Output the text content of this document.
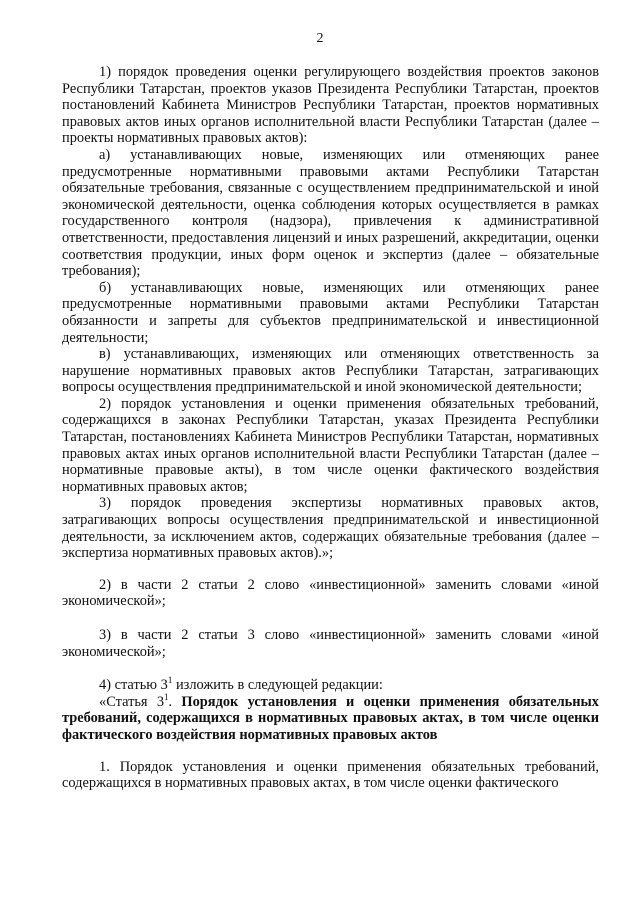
2

1) порядок проведения оценки регулирующего воздействия проектов законов Республики Татарстан, проектов указов Президента Республики Татарстан, проектов постановлений Кабинета Министров Республики Татарстан, проектов нормативных правовых актов иных органов исполнительной власти Республики Татарстан (далее – проекты нормативных правовых актов):

а) устанавливающих новые, изменяющих или отменяющих ранее предусмотренные нормативными правовыми актами Республики Татарстан обязательные требования, связанные с осуществлением предпринимательской и иной экономической деятельности, оценка соблюдения которых осуществляется в рамках государственного контроля (надзора), привлечения к административной ответственности, предоставления лицензий и иных разрешений, аккредитации, оценки соответствия продукции, иных форм оценок и экспертиз (далее – обязательные требования);

б) устанавливающих новые, изменяющих или отменяющих ранее предусмотренные нормативными правовыми актами Республики Татарстан обязанности и запреты для субъектов предпринимательской и инвестиционной деятельности;

в) устанавливающих, изменяющих или отменяющих ответственность за нарушение нормативных правовых актов Республики Татарстан, затрагивающих вопросы осуществления предпринимательской и иной экономической деятельности;

2) порядок установления и оценки применения обязательных требований, содержащихся в законах Республики Татарстан, указах Президента Республики Татарстан, постановлениях Кабинета Министров Республики Татарстан, нормативных правовых актах иных органов исполнительной власти Республики Татарстан (далее – нормативные правовые акты), в том числе оценки фактического воздействия нормативных правовых актов;

3) порядок проведения экспертизы нормативных правовых актов, затрагивающих вопросы осуществления предпринимательской и инвестиционной деятельности, за исключением актов, содержащих обязательные требования (далее – экспертиза нормативных правовых актов).»;

2) в части 2 статьи 2 слово «инвестиционной» заменить словами «иной экономической»;

3) в части 2 статьи 3 слово «инвестиционной» заменить словами «иной экономической»;

4) статью $3^1$ изложить в следующей редакции:

«Статья $3^1$. Порядок установления и оценки применения обязательных требований, содержащихся в нормативных правовых актах, в том числе оценки фактического воздействия нормативных правовых актов

1. Порядок установления и оценки применения обязательных требований, содержащихся в нормативных правовых актах, в том числе оценки фактического
